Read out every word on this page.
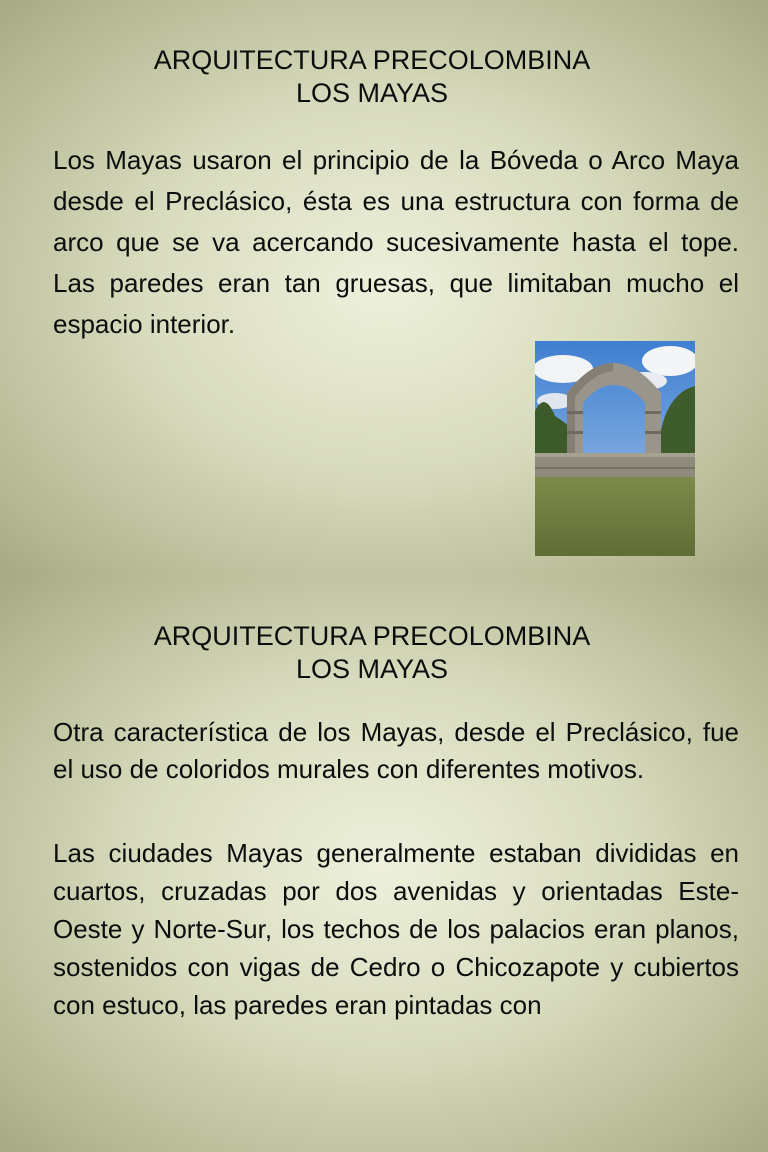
ARQUITECTURA PRECOLOMBINA
LOS MAYAS
Los Mayas usaron el principio de la Bóveda o Arco Maya desde el Preclásico, ésta es una estructura con forma de arco que se va acercando sucesivamente hasta el tope. Las paredes eran tan gruesas, que limitaban mucho el espacio interior.
ARQUITECTURA PRECOLOMBINA
LOS MAYAS
Otra característica de los Mayas, desde el Preclásico, fue el uso de coloridos murales con diferentes motivos.
Las ciudades Mayas generalmente estaban divididas en cuartos, cruzadas por dos avenidas y orientadas Este-Oeste y Norte-Sur, los techos de los palacios eran planos, sostenidos con vigas de Cedro o Chicozapote y cubiertos con estuco, las paredes eran pintadas con
